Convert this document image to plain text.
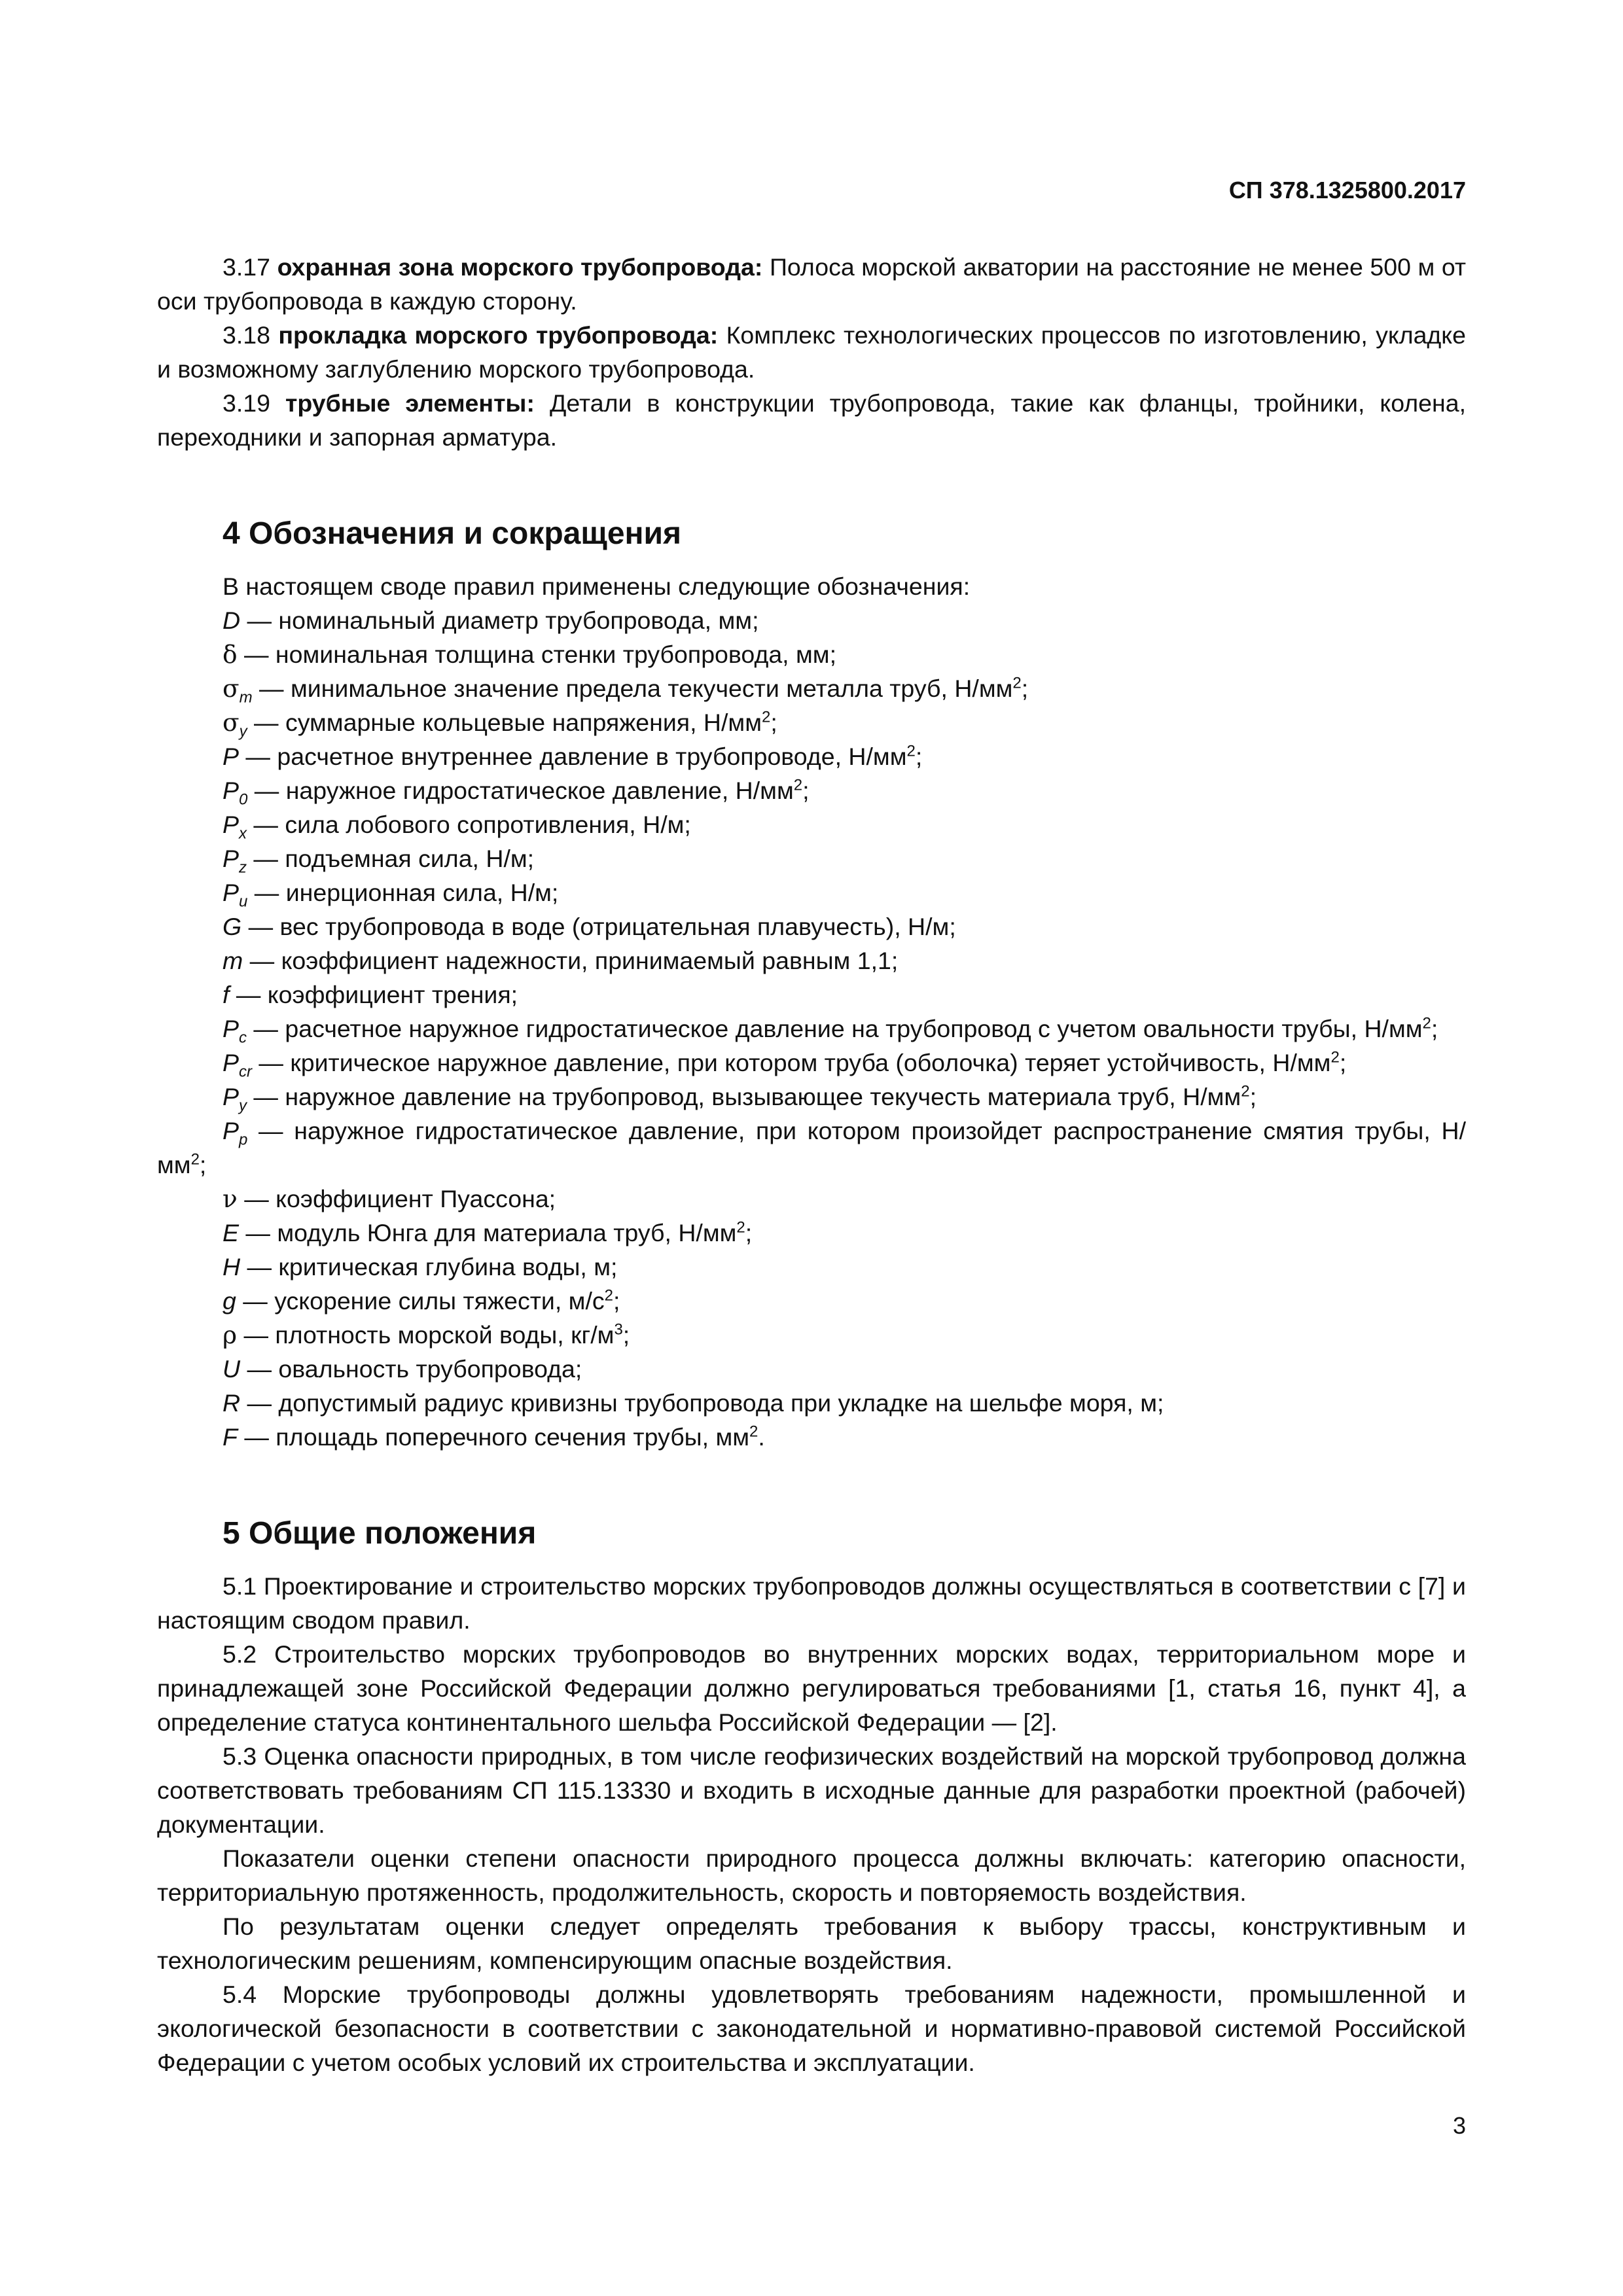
СП 378.1325800.2017

3.17 охранная зона морского трубопровода: Полоса морской акватории на расстояние не менее 500 м от оси трубопровода в каждую сторону.

3.18 прокладка морского трубопровода: Комплекс технологических процессов по изготовлению, укладке и возможному заглублению морского трубопровода.

3.19 трубные элементы: Детали в конструкции трубопровода, такие как фланцы, тройники, колена, переходники и запорная арматура.

4 Обозначения и сокращения

В настоящем своде правил применены следующие обозначения:

D — номинальный диаметр трубопровода, мм;

δ — номинальная толщина стенки трубопровода, мм;

$\sigma_т$ — минимальное значение предела текучести металла труб, $Н/мм^2$;

$\sigma_y$ — суммарные кольцевые напряжения, $Н/мм^2$;

P — расчетное внутреннее давление в трубопроводе, $Н/мм^2$;

$P_0$ — наружное гидростатическое давление, $Н/мм^2$;

$P_x$ — сила лобового сопротивления, Н/м;

$P_z$ — подъемная сила, Н/м;

$P_и$ — инерционная сила, Н/м;

G — вес трубопровода в воде (отрицательная плавучесть), Н/м;

m — коэффициент надежности, принимаемый равным 1,1;

f — коэффициент трения;

$P_c$ — расчетное наружное гидростатическое давление на трубопровод с учетом овальности трубы, $Н/мм^2$;

$P_{cr}$ — критическое наружное давление, при котором труба (оболочка) теряет устойчивость, $Н/мм^2$;

$P_y$ — наружное давление на трубопровод, вызывающее текучесть материала труб, $Н/мм^2$;

$P_p$ — наружное гидростатическое давление, при котором произойдет распространение смятия трубы, $Н/мм^2$;

ν — коэффициент Пуассона;

E — модуль Юнга для материала труб, $Н/мм^2$;

H — критическая глубина воды, м;

g — ускорение силы тяжести, $м/с^2$;

ρ — плотность морской воды, $кг/м^3$;

U — овальность трубопровода;

R — допустимый радиус кривизны трубопровода при укладке на шельфе моря, м;

F — площадь поперечного сечения трубы, $мм^2$.

5 Общие положения

5.1 Проектирование и строительство морских трубопроводов должны осуществляться в соответствии с [7] и настоящим сводом правил.

5.2 Строительство морских трубопроводов во внутренних морских водах, территориальном море и принадлежащей зоне Российской Федерации должно регулироваться требованиями [1, статья 16, пункт 4], а определение статуса континентального шельфа Российской Федерации — [2].

5.3 Оценка опасности природных, в том числе геофизических воздействий на морской трубопровод должна соответствовать требованиям СП 115.13330 и входить в исходные данные для разработки проектной (рабочей) документации.

Показатели оценки степени опасности природного процесса должны включать: категорию опасности, территориальную протяженность, продолжительность, скорость и повторяемость воздействия.

По результатам оценки следует определять требования к выбору трассы, конструктивным и технологическим решениям, компенсирующим опасные воздействия.

5.4 Морские трубопроводы должны удовлетворять требованиям надежности, промышленной и экологической безопасности в соответствии с законодательной и нормативно-правовой системой Российской Федерации с учетом особых условий их строительства и эксплуатации.

3
